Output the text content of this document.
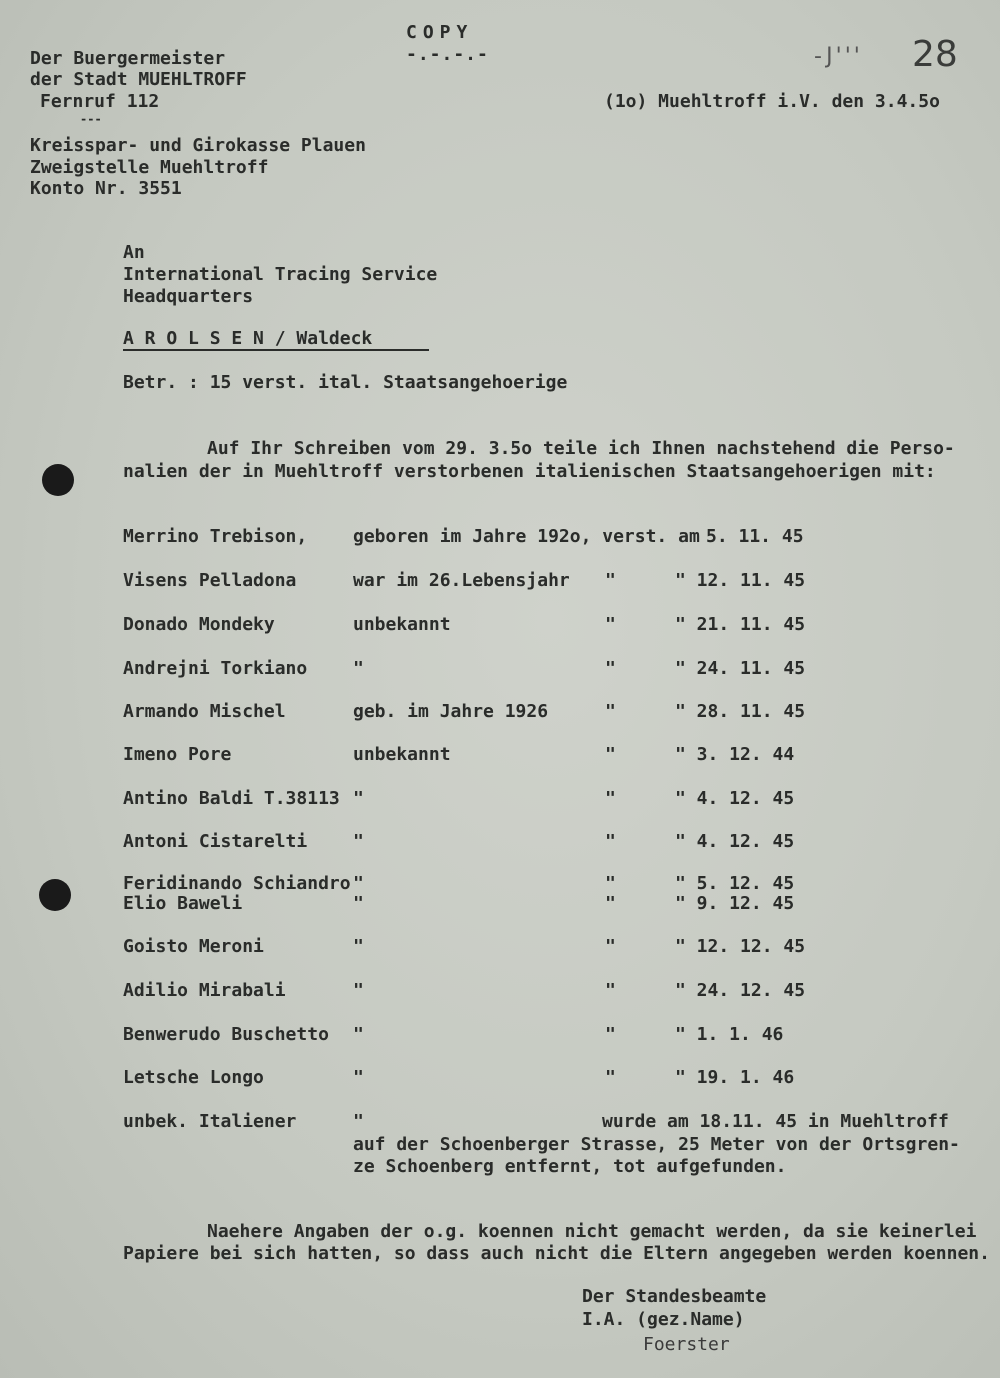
COPY
-.-.-.-	-J''' 28
Der Buergermeister
der Stadt MUEHLTROFF
Fernruf 112
---
(1o) Muehltroff i.V. den 3.4.5o
Kreisspar- und Girokasse Plauen
Zweigstelle Muehltroff
Konto Nr. 3551
An
International Tracing Service
Headquarters
A R O L S E N / Waldeck
Betr. : 15 verst. ital. Staatsangehoerige
Auf Ihr Schreiben vom 29. 3.5o teile ich Ihnen nachstehend die Perso-
nalien der in Muehltroff verstorbenen italienischen Staatsangehoerigen mit:
Merrino Trebison,	geboren im Jahre 192o, verst. am 5. 11. 45
Visens Pelladona	war im 26.Lebensjahr "	" 12. 11. 45
Donado Mondeky	unbekannt	"	" 21. 11. 45
Andrejni Torkiano	"	"	" 24. 11. 45
Armando Mischel	geb. im Jahre 1926	"	" 28. 11. 45
Imeno Pore	unbekannt	"	" 3. 12. 44
Antino Baldi T.38113 "	"	" 4. 12. 45
Antoni Cistarelti	"	"	" 4. 12. 45
Feridinando Schiandro "	"	" 5. 12. 45
Elio Baweli	"	"	" 9. 12. 45
Goisto Meroni	"	"	" 12. 12. 45
Adilio Mirabali	"	"	" 24. 12. 45
Benwerudo Buschetto "	"	" 1. 1. 46
Letsche Longo	"	"	" 19. 1. 46
unbek. Italiener	"	wurde am 18.11. 45 in Muehltroff
auf der Schoenberger Strasse, 25 Meter von der Ortsgren-
ze Schoenberg entfernt, tot aufgefunden.
Naehere Angaben der o.g. koennen nicht gemacht werden, da sie keinerlei
Papiere bei sich hatten, so dass auch nicht die Eltern angegeben werden koennen.
Der Standesbeamte
I.A. (gez.Name)
Foerster
